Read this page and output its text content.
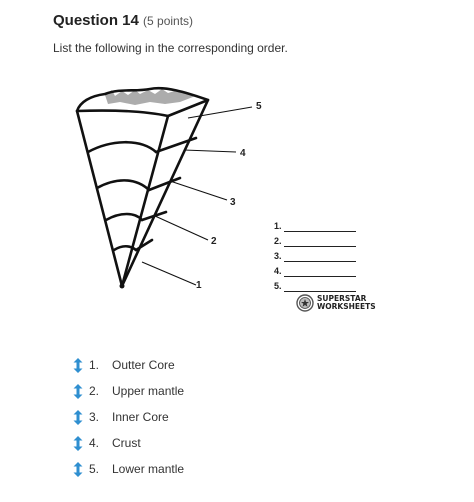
Question 14 (5 points)
List the following in the corresponding order.
1
2
3
4
5
1.
2.
3.
4.
5.
SUPERSTAR
WORKSHEETS
1.	Outter Core
2.	Upper mantle
3.	Inner Core
4.	Crust
5.	Lower mantle
